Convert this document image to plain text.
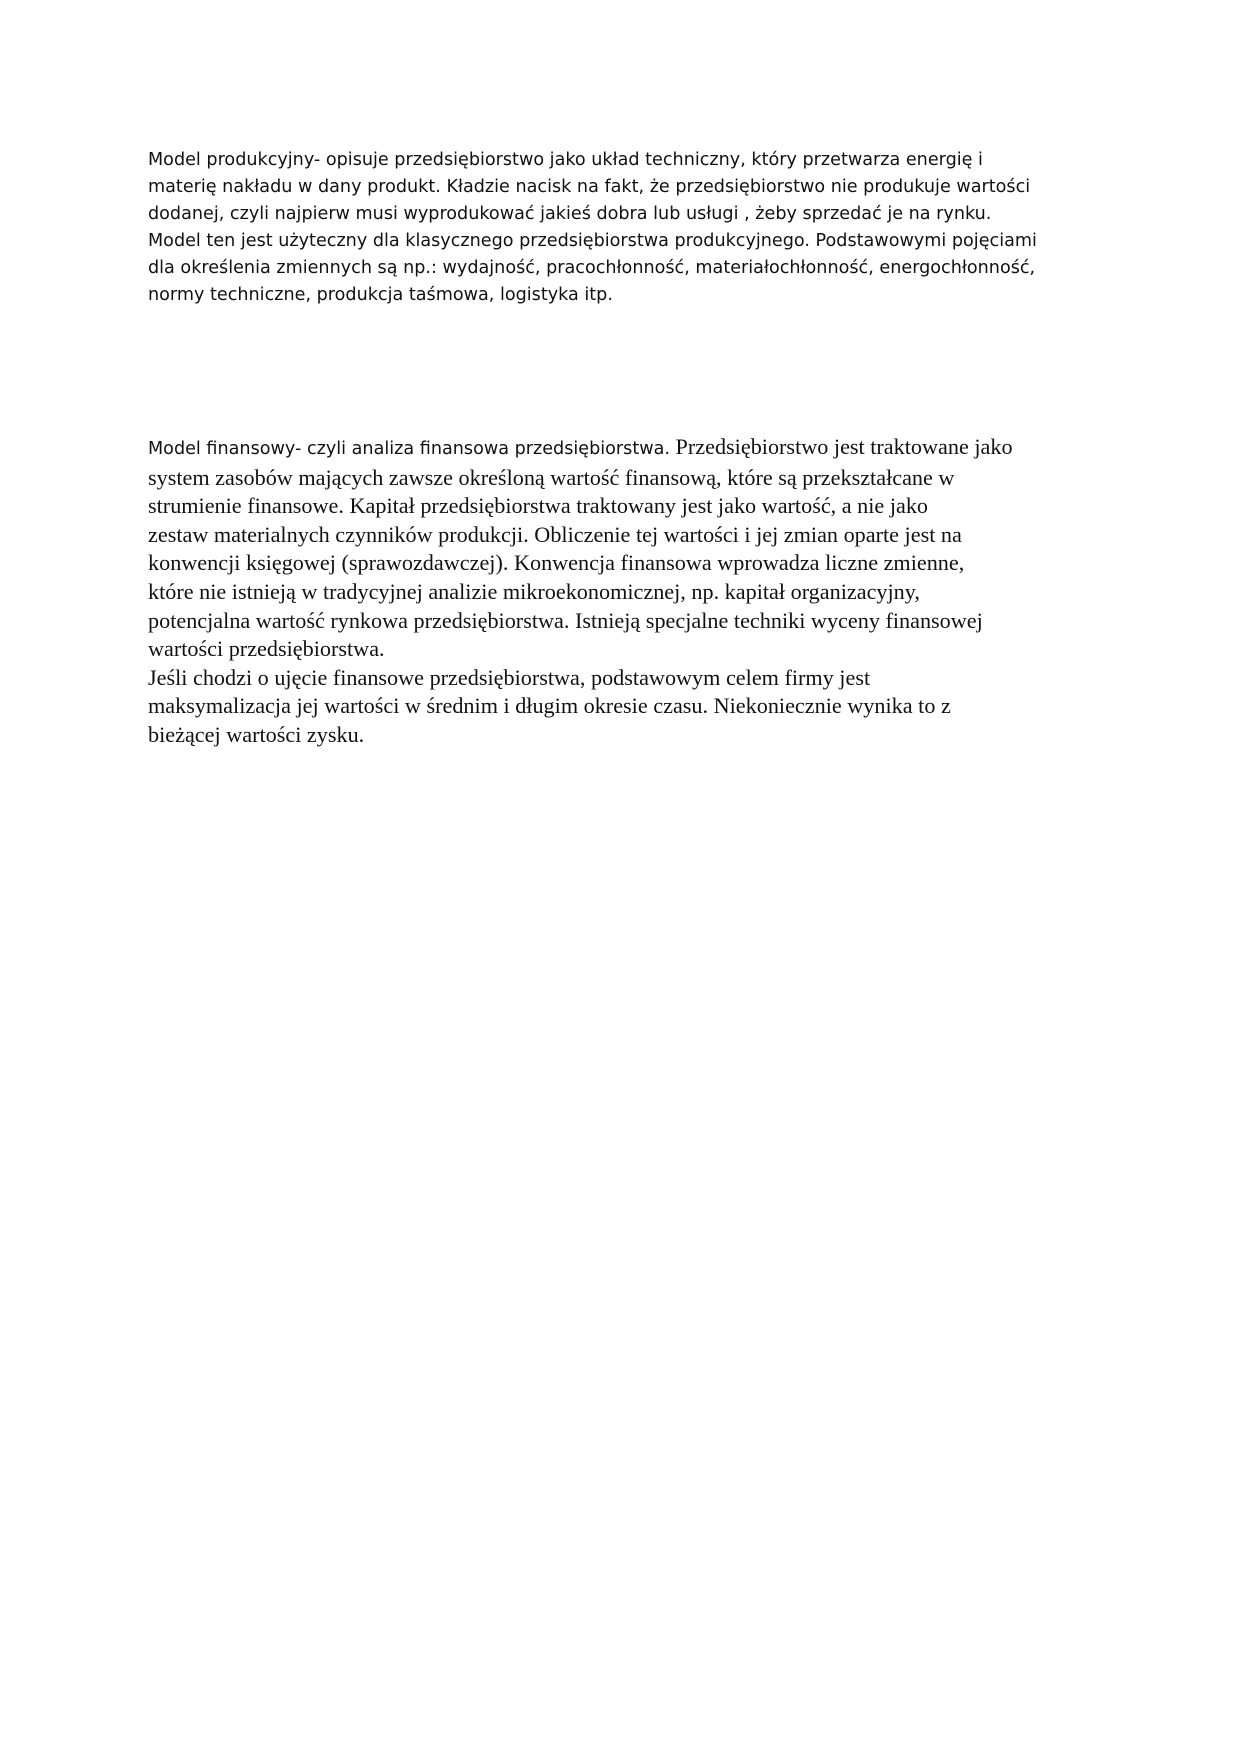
Model produkcyjny- opisuje przedsiębiorstwo jako układ techniczny, który przetwarza energię i
materię nakładu w dany produkt. Kładzie nacisk na fakt, że przedsiębiorstwo nie produkuje wartości
dodanej, czyli najpierw musi wyprodukować jakieś dobra lub usługi , żeby sprzedać je na rynku.
Model ten jest użyteczny dla klasycznego przedsiębiorstwa produkcyjnego. Podstawowymi pojęciami
dla określenia zmiennych są np.: wydajność, pracochłonność, materiałochłonność, energochłonność,
normy techniczne, produkcja taśmowa, logistyka itp.
Model finansowy- czyli analiza finansowa przedsiębiorstwa. Przedsiębiorstwo jest traktowane jako
system zasobów mających zawsze określoną wartość finansową, które są przekształcane w
strumienie finansowe. Kapitał przedsiębiorstwa traktowany jest jako wartość, a nie jako
zestaw materialnych czynników produkcji. Obliczenie tej wartości i jej zmian oparte jest na
konwencji księgowej (sprawozdawczej). Konwencja finansowa wprowadza liczne zmienne,
które nie istnieją w tradycyjnej analizie mikroekonomicznej, np. kapitał organizacyjny,
potencjalna wartość rynkowa przedsiębiorstwa. Istnieją specjalne techniki wyceny finansowej
wartości przedsiębiorstwa.
Jeśli chodzi o ujęcie finansowe przedsiębiorstwa, podstawowym celem firmy jest
maksymalizacja jej wartości w średnim i długim okresie czasu. Niekoniecznie wynika to z
bieżącej wartości zysku.
